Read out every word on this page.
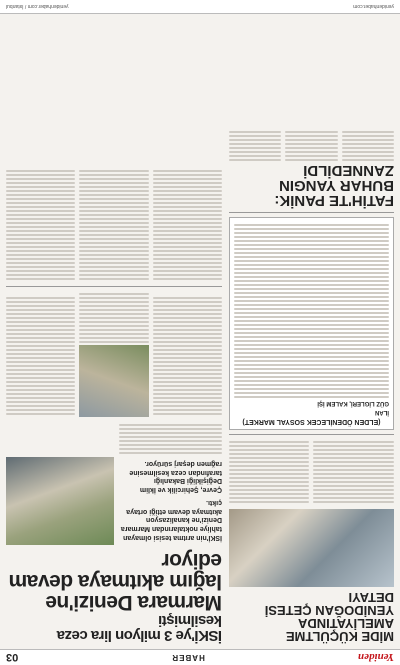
Yeniden
HABER
03
MİDE KÜÇÜLTME AMELİYATINDA YENİDOĞAN ÇETESİ DETAYI
(ELDEN ÖDENİLECEK SOSYAL MARKET)
İLAN
GÜZ LİGLERİ, KALEM İŞİ
FATİH'TE PANİK: BUHAR YANGIN ZANNEDİLDİ
İSKİ'ye 3 milyon lira ceza kesilmişti
Marmara Denizi'ne lağım akıtmaya devam ediyor

İSKİ'nin arıtma tesisi olmayan tahliye noktalarından Marmara Denizi'ne kanalizasyon akıtmaya devam ettiği ortaya çıktı.

Çevre, Şehircilik ve İklim Değişikliği Bakanlığı tarafından ceza kesilmesine rağmen deşarj sürüyor.

yenidenhaber.com
yenidenhaber.com / İstanbul
